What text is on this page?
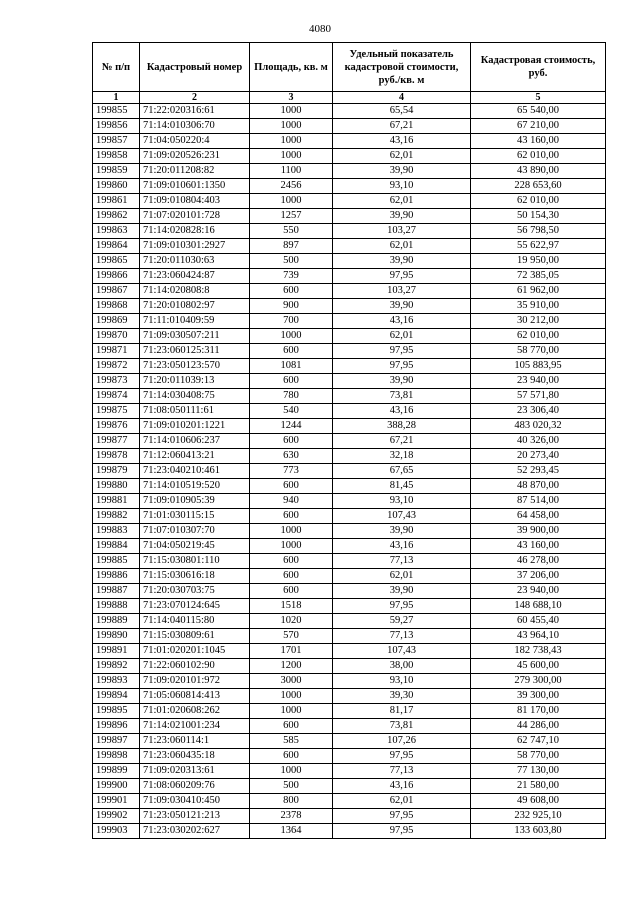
4080
№ п/п	Кадастровый номер	Площадь, кв. м	Удельный показатель кадастровой стоимости, руб./кв. м	Кадастровая стоимость, руб.
1	2	3	4	5
199855	71:22:020316:61	1000	65,54	65 540,00
199856	71:14:010306:70	1000	67,21	67 210,00
199857	71:04:050220:4	1000	43,16	43 160,00
199858	71:09:020526:231	1000	62,01	62 010,00
199859	71:20:011208:82	1100	39,90	43 890,00
199860	71:09:010601:1350	2456	93,10	228 653,60
199861	71:09:010804:403	1000	62,01	62 010,00
199862	71:07:020101:728	1257	39,90	50 154,30
199863	71:14:020828:16	550	103,27	56 798,50
199864	71:09:010301:2927	897	62,01	55 622,97
199865	71:20:011030:63	500	39,90	19 950,00
199866	71:23:060424:87	739	97,95	72 385,05
199867	71:14:020808:8	600	103,27	61 962,00
199868	71:20:010802:97	900	39,90	35 910,00
199869	71:11:010409:59	700	43,16	30 212,00
199870	71:09:030507:211	1000	62,01	62 010,00
199871	71:23:060125:311	600	97,95	58 770,00
199872	71:23:050123:570	1081	97,95	105 883,95
199873	71:20:011039:13	600	39,90	23 940,00
199874	71:14:030408:75	780	73,81	57 571,80
199875	71:08:050111:61	540	43,16	23 306,40
199876	71:09:010201:1221	1244	388,28	483 020,32
199877	71:14:010606:237	600	67,21	40 326,00
199878	71:12:060413:21	630	32,18	20 273,40
199879	71:23:040210:461	773	67,65	52 293,45
199880	71:14:010519:520	600	81,45	48 870,00
199881	71:09:010905:39	940	93,10	87 514,00
199882	71:01:030115:15	600	107,43	64 458,00
199883	71:07:010307:70	1000	39,90	39 900,00
199884	71:04:050219:45	1000	43,16	43 160,00
199885	71:15:030801:110	600	77,13	46 278,00
199886	71:15:030616:18	600	62,01	37 206,00
199887	71:20:030703:75	600	39,90	23 940,00
199888	71:23:070124:645	1518	97,95	148 688,10
199889	71:14:040115:80	1020	59,27	60 455,40
199890	71:15:030809:61	570	77,13	43 964,10
199891	71:01:020201:1045	1701	107,43	182 738,43
199892	71:22:060102:90	1200	38,00	45 600,00
199893	71:09:020101:972	3000	93,10	279 300,00
199894	71:05:060814:413	1000	39,30	39 300,00
199895	71:01:020608:262	1000	81,17	81 170,00
199896	71:14:021001:234	600	73,81	44 286,00
199897	71:23:060114:1	585	107,26	62 747,10
199898	71:23:060435:18	600	97,95	58 770,00
199899	71:09:020313:61	1000	77,13	77 130,00
199900	71:08:060209:76	500	43,16	21 580,00
199901	71:09:030410:450	800	62,01	49 608,00
199902	71:23:050121:213	2378	97,95	232 925,10
199903	71:23:030202:627	1364	97,95	133 603,80
